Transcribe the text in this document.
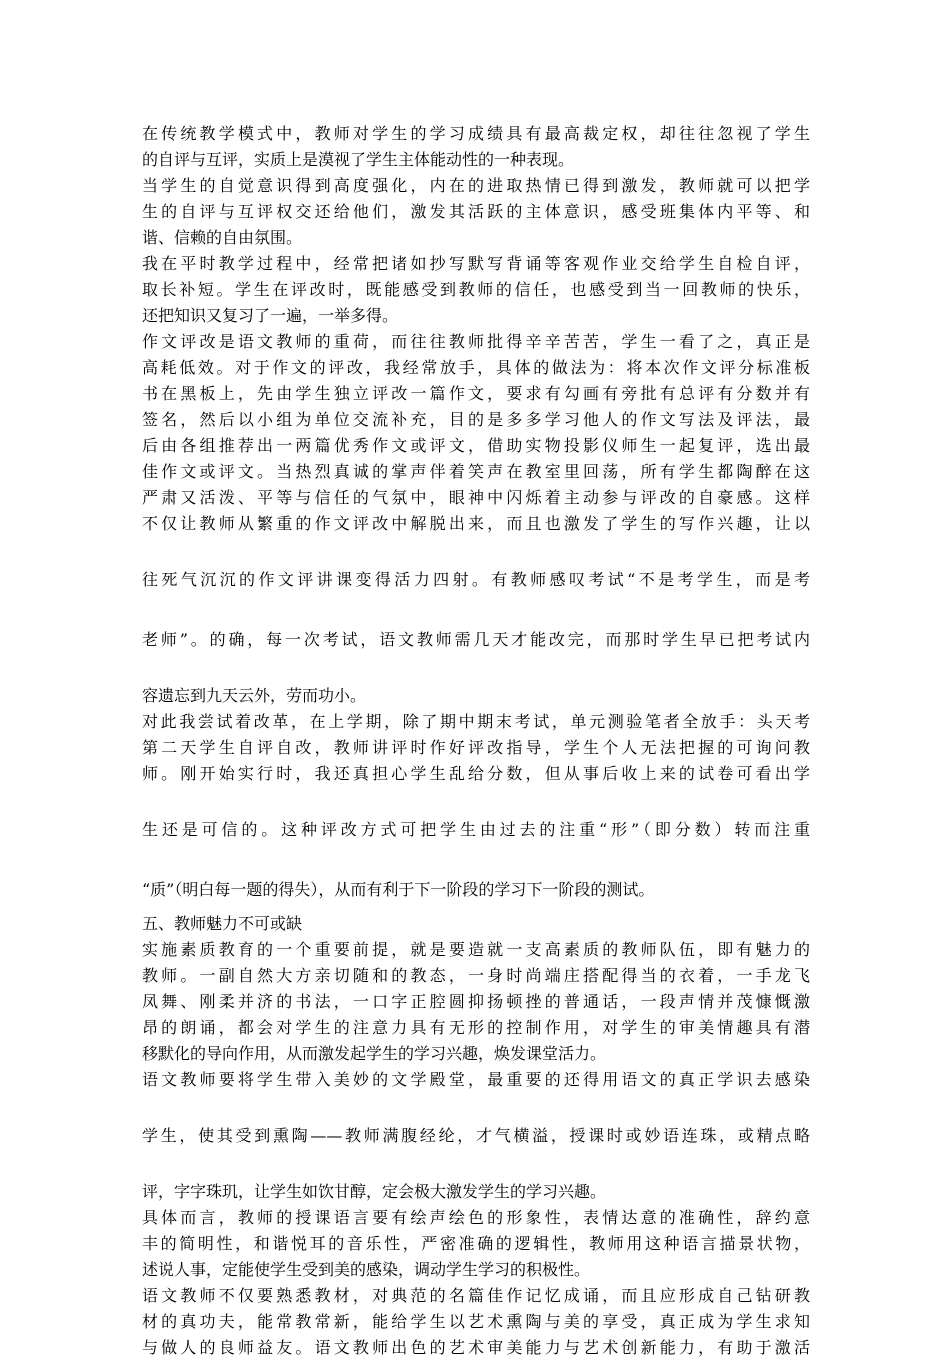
在传统教学模式中，教师对学生的学习成绩具有最高裁定权，却往往忽视了学生
的自评与互评，实质上是漠视了学生主体能动性的一种表现。
当学生的自觉意识得到高度强化，内在的进取热情已得到激发，教师就可以把学
生的自评与互评权交还给他们，激发其活跃的主体意识，感受班集体内平等、和
谐、信赖的自由氛围。
我在平时教学过程中，经常把诸如抄写默写背诵等客观作业交给学生自检自评，
取长补短。学生在评改时，既能感受到教师的信任，也感受到当一回教师的快乐，
还把知识又复习了一遍，一举多得。
作文评改是语文教师的重荷，而往往教师批得辛辛苦苦，学生一看了之，真正是
高耗低效。对于作文的评改，我经常放手，具体的做法为：将本次作文评分标准板
书在黑板上，先由学生独立评改一篇作文，要求有勾画有旁批有总评有分数并有
签名，然后以小组为单位交流补充，目的是多多学习他人的作文写法及评法，最
后由各组推荐出一两篇优秀作文或评文，借助实物投影仪师生一起复评，选出最
佳作文或评文。当热烈真诚的掌声伴着笑声在教室里回荡，所有学生都陶醉在这
严肃又活泼、平等与信任的气氛中，眼神中闪烁着主动参与评改的自豪感。这样
不仅让教师从繁重的作文评改中解脱出来，而且也激发了学生的写作兴趣，让以
往死气沉沉的作文评讲课变得活力四射。有教师感叹考试“不是考学生，而是考
老师”。的确，每一次考试，语文教师需几天才能改完，而那时学生早已把考试内
容遗忘到九天云外，劳而功小。
对此我尝试着改革，在上学期，除了期中期末考试，单元测验笔者全放手：头天考
第二天学生自评自改，教师讲评时作好评改指导，学生个人无法把握的可询问教
师。刚开始实行时，我还真担心学生乱给分数，但从事后收上来的试卷可看出学
生还是可信的。这种评改方式可把学生由过去的注重“形”（即分数）转而注重
“质”（明白每一题的得失），从而有利于下一阶段的学习下一阶段的测试。
五、教师魅力不可或缺
实施素质教育的一个重要前提，就是要造就一支高素质的教师队伍，即有魅力的
教师。一副自然大方亲切随和的教态，一身时尚端庄搭配得当的衣着，一手龙飞
凤舞、刚柔并济的书法，一口字正腔圆抑扬顿挫的普通话，一段声情并茂慷慨激
昂的朗诵，都会对学生的注意力具有无形的控制作用，对学生的审美情趣具有潜
移默化的导向作用，从而激发起学生的学习兴趣，焕发课堂活力。
语文教师要将学生带入美妙的文学殿堂，最重要的还得用语文的真正学识去感染
学生，使其受到熏陶——教师满腹经纶，才气横溢，授课时或妙语连珠，或精点略
评，字字珠玑，让学生如饮甘醇，定会极大激发学生的学习兴趣。
具体而言，教师的授课语言要有绘声绘色的形象性，表情达意的准确性，辞约意
丰的简明性，和谐悦耳的音乐性，严密准确的逻辑性，教师用这种语言描景状物，
述说人事，定能使学生受到美的感染，调动学生学习的积极性。
语文教师不仅要熟悉教材，对典范的名篇佳作记忆成诵，而且应形成自己钻研教
材的真功夫，能常教常新，能给学生以艺术熏陶与美的享受，真正成为学生求知
与做人的良师益友。语文教师出色的艺术审美能力与艺术创新能力，有助于激活
